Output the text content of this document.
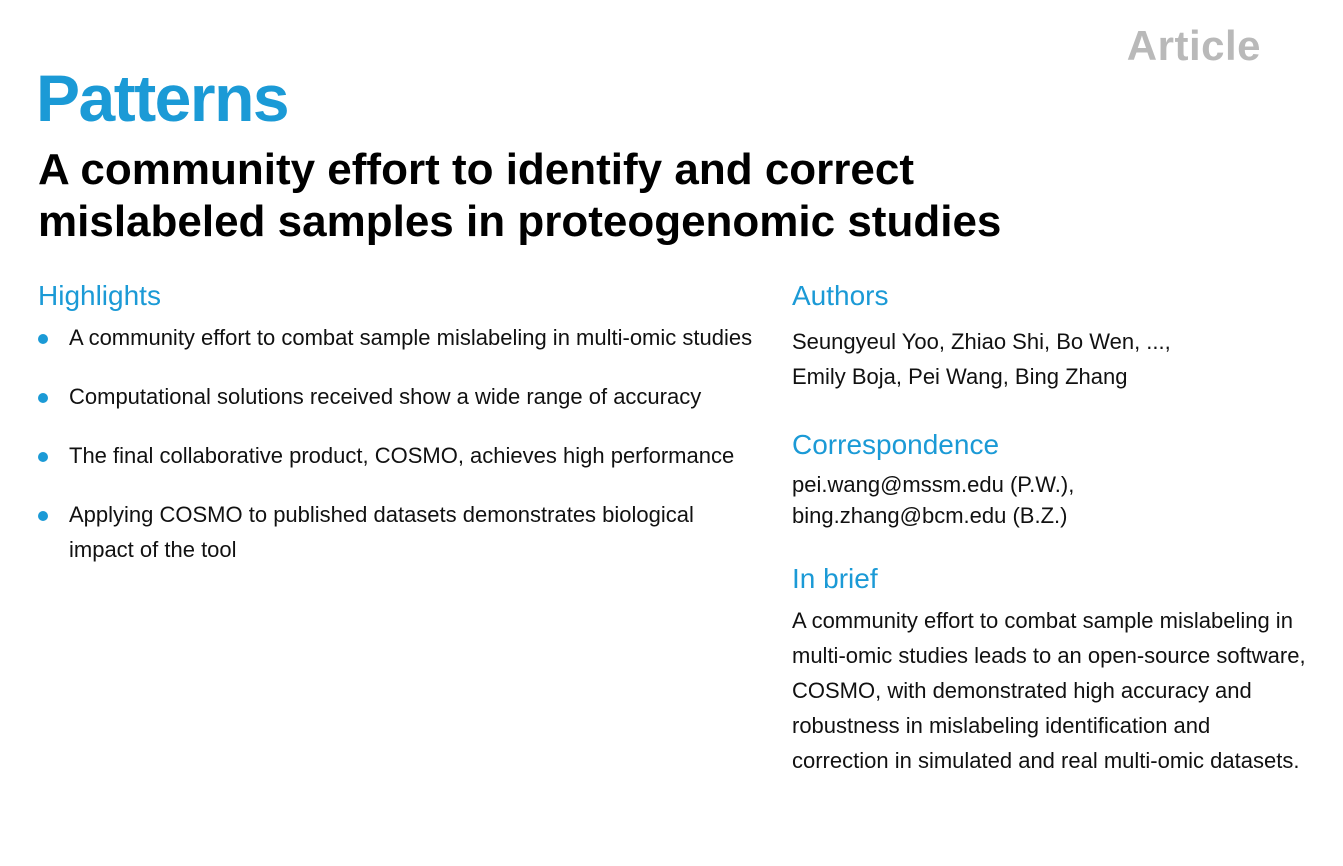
Article
Patterns
A community effort to identify and correct
mislabeled samples in proteogenomic studies
Highlights
A community effort to combat sample mislabeling in multi-omic studies
Computational solutions received show a wide range of accuracy
The final collaborative product, COSMO, achieves high performance
Applying COSMO to published datasets demonstrates biological impact of the tool
Authors

Seungyeul Yoo, Zhiao Shi, Bo Wen, ...,
Emily Boja, Pei Wang, Bing Zhang

Correspondence

pei.wang@mssm.edu (P.W.),
bing.zhang@bcm.edu (B.Z.)

In brief

A community effort to combat sample mislabeling in multi-omic studies leads to an open-source software, COSMO, with demonstrated high accuracy and robustness in mislabeling identification and correction in simulated and real multi-omic datasets.
